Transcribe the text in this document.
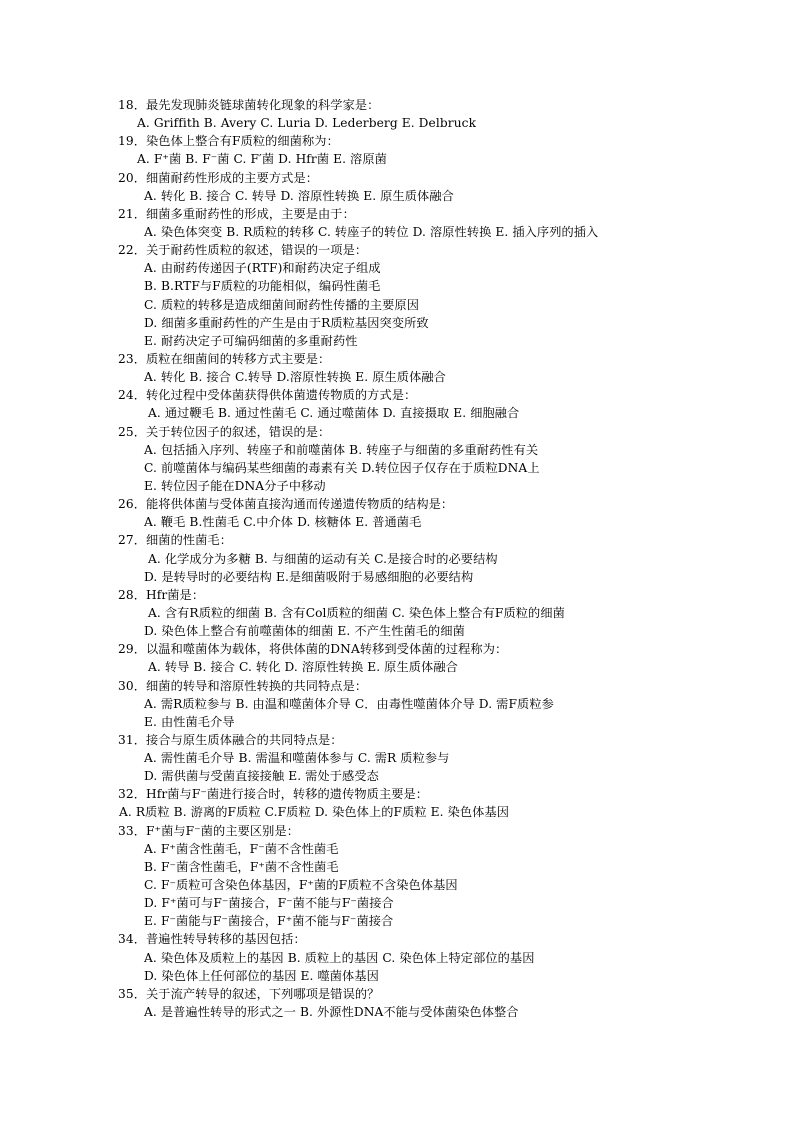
18．最先发现肺炎链球菌转化现象的科学家是：
A. Griffith B. Avery C. Luria D. Lederberg E. Delbruck
19．染色体上整合有F质粒的细菌称为：
A. F⁺菌 B. F⁻菌 C. F′菌 D. Hfr菌 E. 溶原菌
20．细菌耐药性形成的主要方式是：
A. 转化 B. 接合 C. 转导 D. 溶原性转换 E. 原生质体融合
21．细菌多重耐药性的形成，主要是由于：
A. 染色体突变 B. R质粒的转移 C. 转座子的转位 D. 溶原性转换 E. 插入序列的插入
22．关于耐药性质粒的叙述，错误的一项是：
A. 由耐药传递因子(RTF)和耐药决定子组成
B. B.RTF与F质粒的功能相似，编码性菌毛
C. 质粒的转移是造成细菌间耐药性传播的主要原因
D. 细菌多重耐药性的产生是由于R质粒基因突变所致
E. 耐药决定子可编码细菌的多重耐药性
23．质粒在细菌间的转移方式主要是：
A. 转化 B. 接合 C.转导 D.溶原性转换 E. 原生质体融合
24．转化过程中受体菌获得供体菌遗传物质的方式是：
A. 通过鞭毛 B. 通过性菌毛 C. 通过噬菌体 D. 直接摄取 E. 细胞融合
25．关于转位因子的叙述，错误的是：
A. 包括插入序列、转座子和前噬菌体 B. 转座子与细菌的多重耐药性有关
C. 前噬菌体与编码某些细菌的毒素有关 D.转位因子仅存在于质粒DNA上
E. 转位因子能在DNA分子中移动
26．能将供体菌与受体菌直接沟通而传递遗传物质的结构是：
A. 鞭毛 B.性菌毛 C.中介体 D. 核糖体 E. 普通菌毛
27．细菌的性菌毛：
A. 化学成分为多糖 B. 与细菌的运动有关 C.是接合时的必要结构
D. 是转导时的必要结构 E.是细菌吸附于易感细胞的必要结构
28．Hfr菌是：
A. 含有R质粒的细菌 B. 含有Col质粒的细菌 C. 染色体上整合有F质粒的细菌
D. 染色体上整合有前噬菌体的细菌 E. 不产生性菌毛的细菌
29．以温和噬菌体为载体，将供体菌的DNA转移到受体菌的过程称为：
A. 转导 B. 接合 C. 转化 D. 溶原性转换 E. 原生质体融合
30．细菌的转导和溶原性转换的共同特点是：
A. 需R质粒参与 B. 由温和噬菌体介导 C．由毒性噬菌体介导 D. 需F质粒参
E. 由性菌毛介导
31．接合与原生质体融合的共同特点是：
A. 需性菌毛介导 B. 需温和噬菌体参与 C. 需R 质粒参与
D. 需供菌与受菌直接接触 E. 需处于感受态
32．Hfr菌与F⁻菌进行接合时，转移的遗传物质主要是：
A. R质粒 B. 游离的F质粒 C.F质粒 D. 染色体上的F质粒 E. 染色体基因
33．F⁺菌与F⁻菌的主要区别是：
A. F⁺菌含性菌毛，F⁻菌不含性菌毛
B. F⁻菌含性菌毛，F⁺菌不含性菌毛
C. F⁻质粒可含染色体基因，F⁺菌的F质粒不含染色体基因
D. F⁺菌可与F⁻菌接合，F⁻菌不能与F⁻菌接合
E. F⁻菌能与F⁻菌接合，F⁺菌不能与F⁻菌接合
34．普遍性转导转移的基因包括：
A. 染色体及质粒上的基因 B. 质粒上的基因 C. 染色体上特定部位的基因
D. 染色体上任何部位的基因 E. 噬菌体基因
35．关于流产转导的叙述，下列哪项是错误的？
A. 是普遍性转导的形式之一 B. 外源性DNA不能与受体菌染色体整合
